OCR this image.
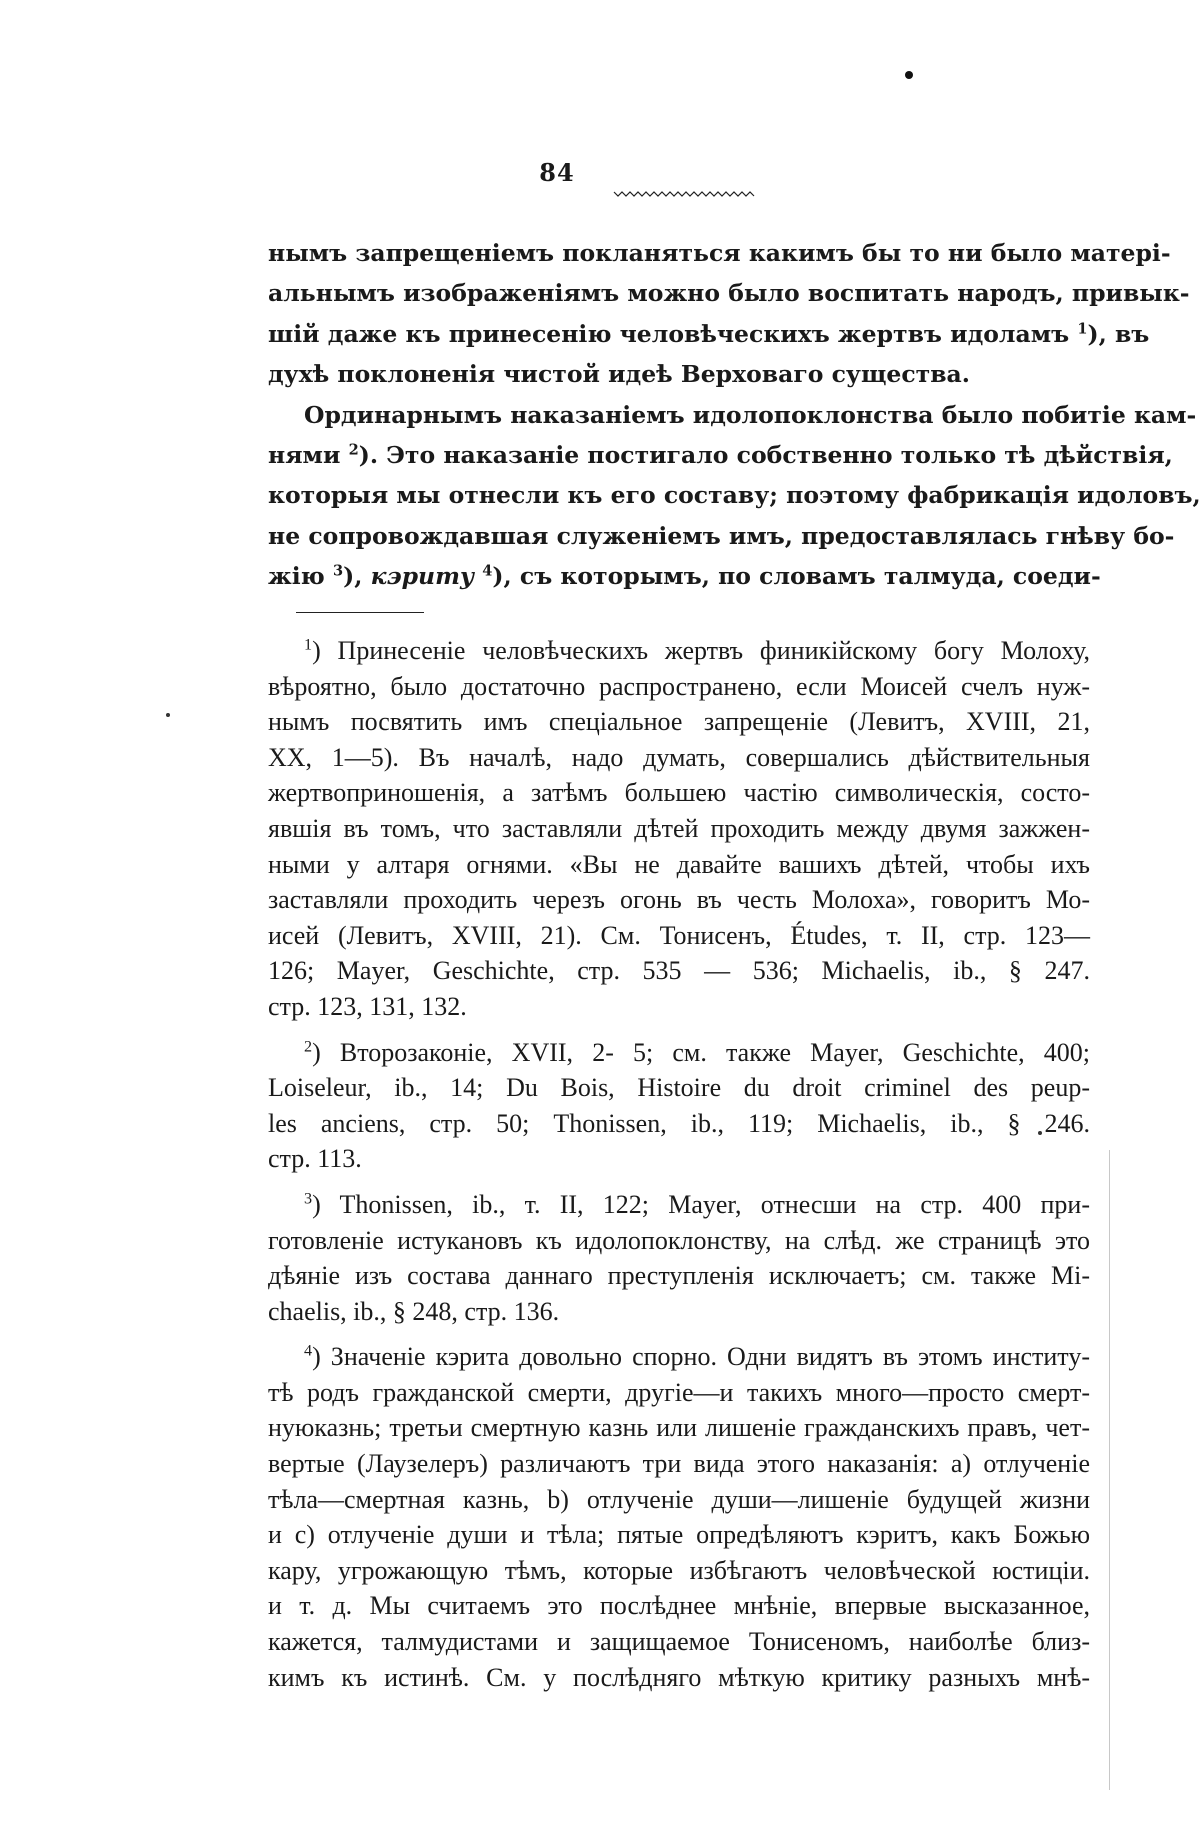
84
нымъ запрещеніемъ покланяться какимъ бы то ни было матері-
альнымъ изображеніямъ можно было воспитать народъ, привык-
шій даже къ принесенію человѣческихъ жертвъ идоламъ $^1$), въ
духѣ поклоненія чистой идеѣ Верховаго существа.
Ординарнымъ наказаніемъ идолопоклонства было побитіе кам-
нями $^2$). Это наказаніе постигало собственно только тѣ дѣйствія,
которыя мы отнесли къ его составу; поэтому фабрикація идоловъ,
не сопровождавшая служеніемъ имъ, предоставлялась гнѣву бо-
жію $^3$), кэриту $^4$), съ которымъ, по словамъ талмуда, соеди-
$^1$) Принесеніе человѣческихъ жертвъ финикійскому богу Молоху,
вѣроятно, было достаточно распространено, если Моисей счелъ нуж-
нымъ посвятить имъ спеціальное запрещеніе (Левитъ, XVIII, 21,
XX, 1—5). Въ началѣ, надо думать, совершались дѣйствительныя
жертвоприношенія, а затѣмъ большею частію символическія, состо-
явшія въ томъ, что заставляли дѣтей проходить между двумя зажжен-
ными у алтаря огнями. «Вы не давайте вашихъ дѣтей, чтобы ихъ
заставляли проходить черезъ огонь въ честь Молоха», говоритъ Мо-
исей (Левитъ, XVIII, 21). См. Тонисенъ, Études, т. II, стр. 123—
126; Mayer, Geschichte, стр. 535 — 536; Michaelis, ib., § 247.
стр. 123, 131, 132.
$^2$) Второзаконіе, XVII, 2- 5; см. также Mayer, Geschichte, 400;
Loiseleur, ib., 14; Du Bois, Histoire du droit criminel des peup-
les anciens, стр. 50; Thonissen, ib., 119; Michaelis, ib., § 246.
стр. 113.
$^3$) Thonissen, ib., т. II, 122; Mayer, отнесши на стр. 400 при-
готовленіе истукановъ къ идолопоклонству, на слѣд. же страницѣ это
дѣяніе изъ состава даннаго преступленія исключаетъ; см. также Mi-
chaelis, ib., § 248, стр. 136.
$^4$) Значеніе кэрита довольно спорно. Одни видятъ въ этомъ институ-
тѣ родъ гражданской смерти, другіе—и такихъ много—просто смерт-
нуюказнь; третьи смертную казнь или лишеніе гражданскихъ правъ, чет-
вертые (Лаузелеръ) различаютъ три вида этого наказанія: a) отлученіе
тѣла—смертная казнь, b) отлученіе души—лишеніе будущей жизни
и c) отлученіе души и тѣла; пятые опредѣляютъ кэритъ, какъ Божью
кару, угрожающую тѣмъ, которые избѣгаютъ человѣческой юстиціи.
и т. д. Мы считаемъ это послѣднее мнѣніе, впервые высказанное,
кажется, талмудистами и защищаемое Тонисеномъ, наиболѣе близ-
кимъ къ истинѣ. См. у послѣдняго мѣткую критику разныхъ мнѣ-
